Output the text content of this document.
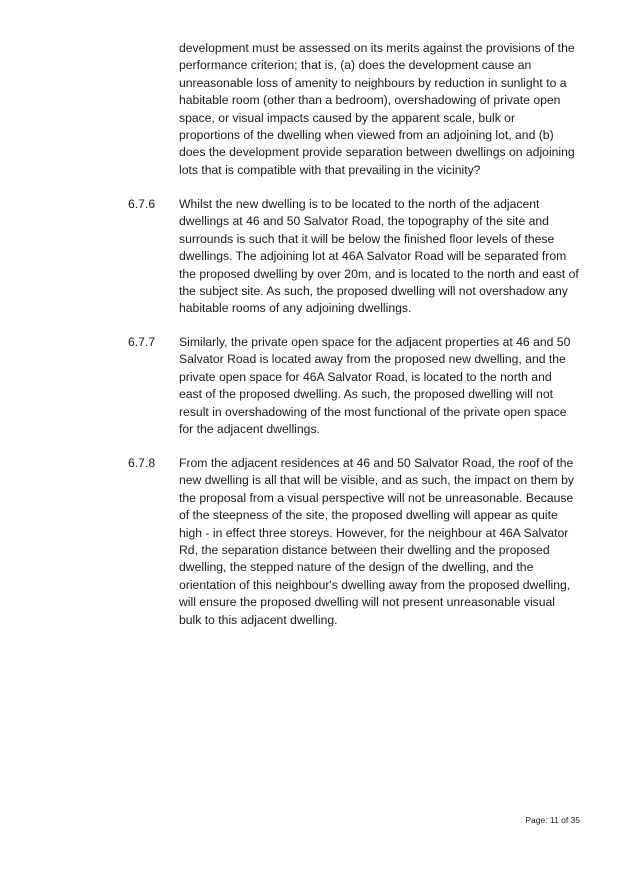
development must be assessed on its merits against the provisions of the
performance criterion; that is, (a) does the development cause an
unreasonable loss of amenity to neighbours by reduction in sunlight to a
habitable room (other than a bedroom), overshadowing of private open
space, or visual impacts caused by the apparent scale, bulk or
proportions of the dwelling when viewed from an adjoining lot, and (b)
does the development provide separation between dwellings on adjoining
lots that is compatible with that prevailing in the vicinity?
6.7.6 Whilst the new dwelling is to be located to the north of the adjacent
dwellings at 46 and 50 Salvator Road, the topography of the site and
surrounds is such that it will be below the finished floor levels of these
dwellings. The adjoining lot at 46A Salvator Road will be separated from
the proposed dwelling by over 20m, and is located to the north and east of
the subject site. As such, the proposed dwelling will not overshadow any
habitable rooms of any adjoining dwellings.
6.7.7 Similarly, the private open space for the adjacent properties at 46 and 50
Salvator Road is located away from the proposed new dwelling, and the
private open space for 46A Salvator Road, is located to the north and
east of the proposed dwelling. As such, the proposed dwelling will not
result in overshadowing of the most functional of the private open space
for the adjacent dwellings.
6.7.8 From the adjacent residences at 46 and 50 Salvator Road, the roof of the
new dwelling is all that will be visible, and as such, the impact on them by
the proposal from a visual perspective will not be unreasonable. Because
of the steepness of the site, the proposed dwelling will appear as quite
high - in effect three storeys. However, for the neighbour at 46A Salvator
Rd, the separation distance between their dwelling and the proposed
dwelling, the stepped nature of the design of the dwelling, and the
orientation of this neighbour's dwelling away from the proposed dwelling,
will ensure the proposed dwelling will not present unreasonable visual
bulk to this adjacent dwelling.
Page: 11 of 35
